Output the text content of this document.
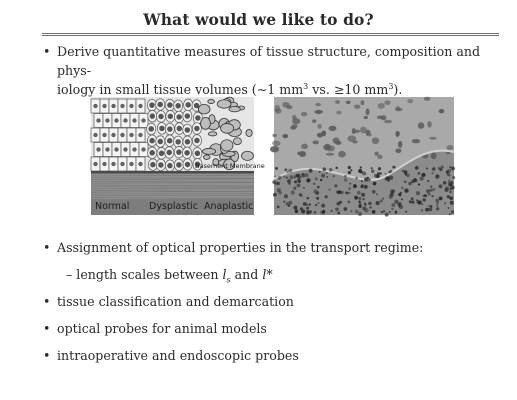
What would we like to do?
• Derive quantitative measures of tissue structure, composition and phys-
iology in small tissue volumes (∼1 $mm^3$ vs. ≥10 $mm^3$).
Basement Membrane
Normal Dysplastic Anaplastic
• Assignment of optical properties in the transport regime:
– length scales between $l_s$ and l*
• tissue classification and demarcation
• optical probes for animal models
• intraoperative and endoscopic probes
